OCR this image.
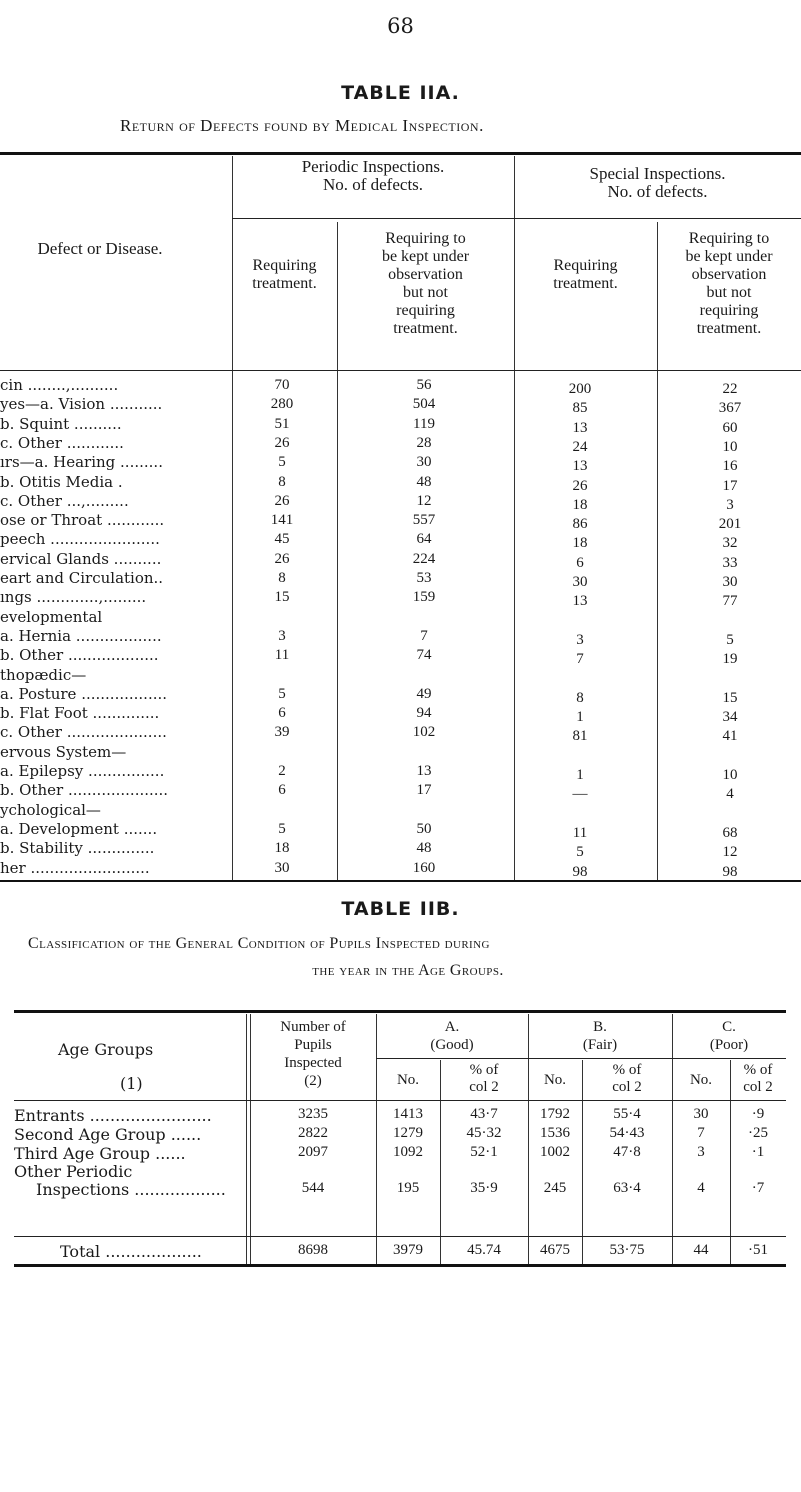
68
TABLE IIA.
Return of Defects found by Medical Inspection.
Defect or Disease.
Periodic Inspections.
No. of defects.
Special Inspections.
No. of defects.
Requiring
treatment.
Requiring to
be kept under
observation
but not
requiring
treatment.
Requiring
treatment.
Requiring to
be kept under
observation
but not
requiring
treatment.
cin ........,..........	70	56	200	22
yes—a. Vision ...........	280	504	85	367
b. Squint ..........	51	119	13	60
c. Other ............	26	28	24	10
ırs—a. Hearing .........	5	30	13	16
b. Otitis Media .	8	48	26	17
c. Other ...,.........	26	12	18	3
ose or Throat ............	141	557	86	201
peech .......................	45	64	18	32
ervical Glands ..........	26	224	6	33
eart and Circulation..	8	53	30	30
ıngs .............,.........	15	159	13	77
evelopmental
a. Hernia ..................	3	7	3	5
b. Other ...................	11	74	7	19
thopædic—
a. Posture ..................	5	49	8	15
b. Flat Foot ..............	6	94	1	34
c. Other .....................	39	102	81	41
ervous System—
a. Epilepsy ................	2	13	1	10
b. Other .....................	6	17	—	4
ychological—
a. Development .......	5	50	11	68
b. Stability ..............	18	48	5	12
her .........................	30	160	98	98
TABLE IIB.
Classification of the General Condition of Pupils Inspected during
the year in the Age Groups.
Age Groups
(1)
Number of
Pupils
Inspected
(2)
A.
(Good)
B.
(Fair)
C.
(Poor)
No.
% of
col 2	No.
% of
col 2	No.
% of
col 2
Entrants ........................	3235	1413	43·7	1792	55·4	30	·9
Second Age Group ......	2822	1279	45·32	1536	54·43	7	·25
Third Age Group ......	2097	1092	52·1	1002	47·8	3	·1
Other Periodic
Inspections ..................	544	195	35·9	245	63·4	4	·7
Total ...................	8698	3979	45.74	4675	53·75	44	·51
